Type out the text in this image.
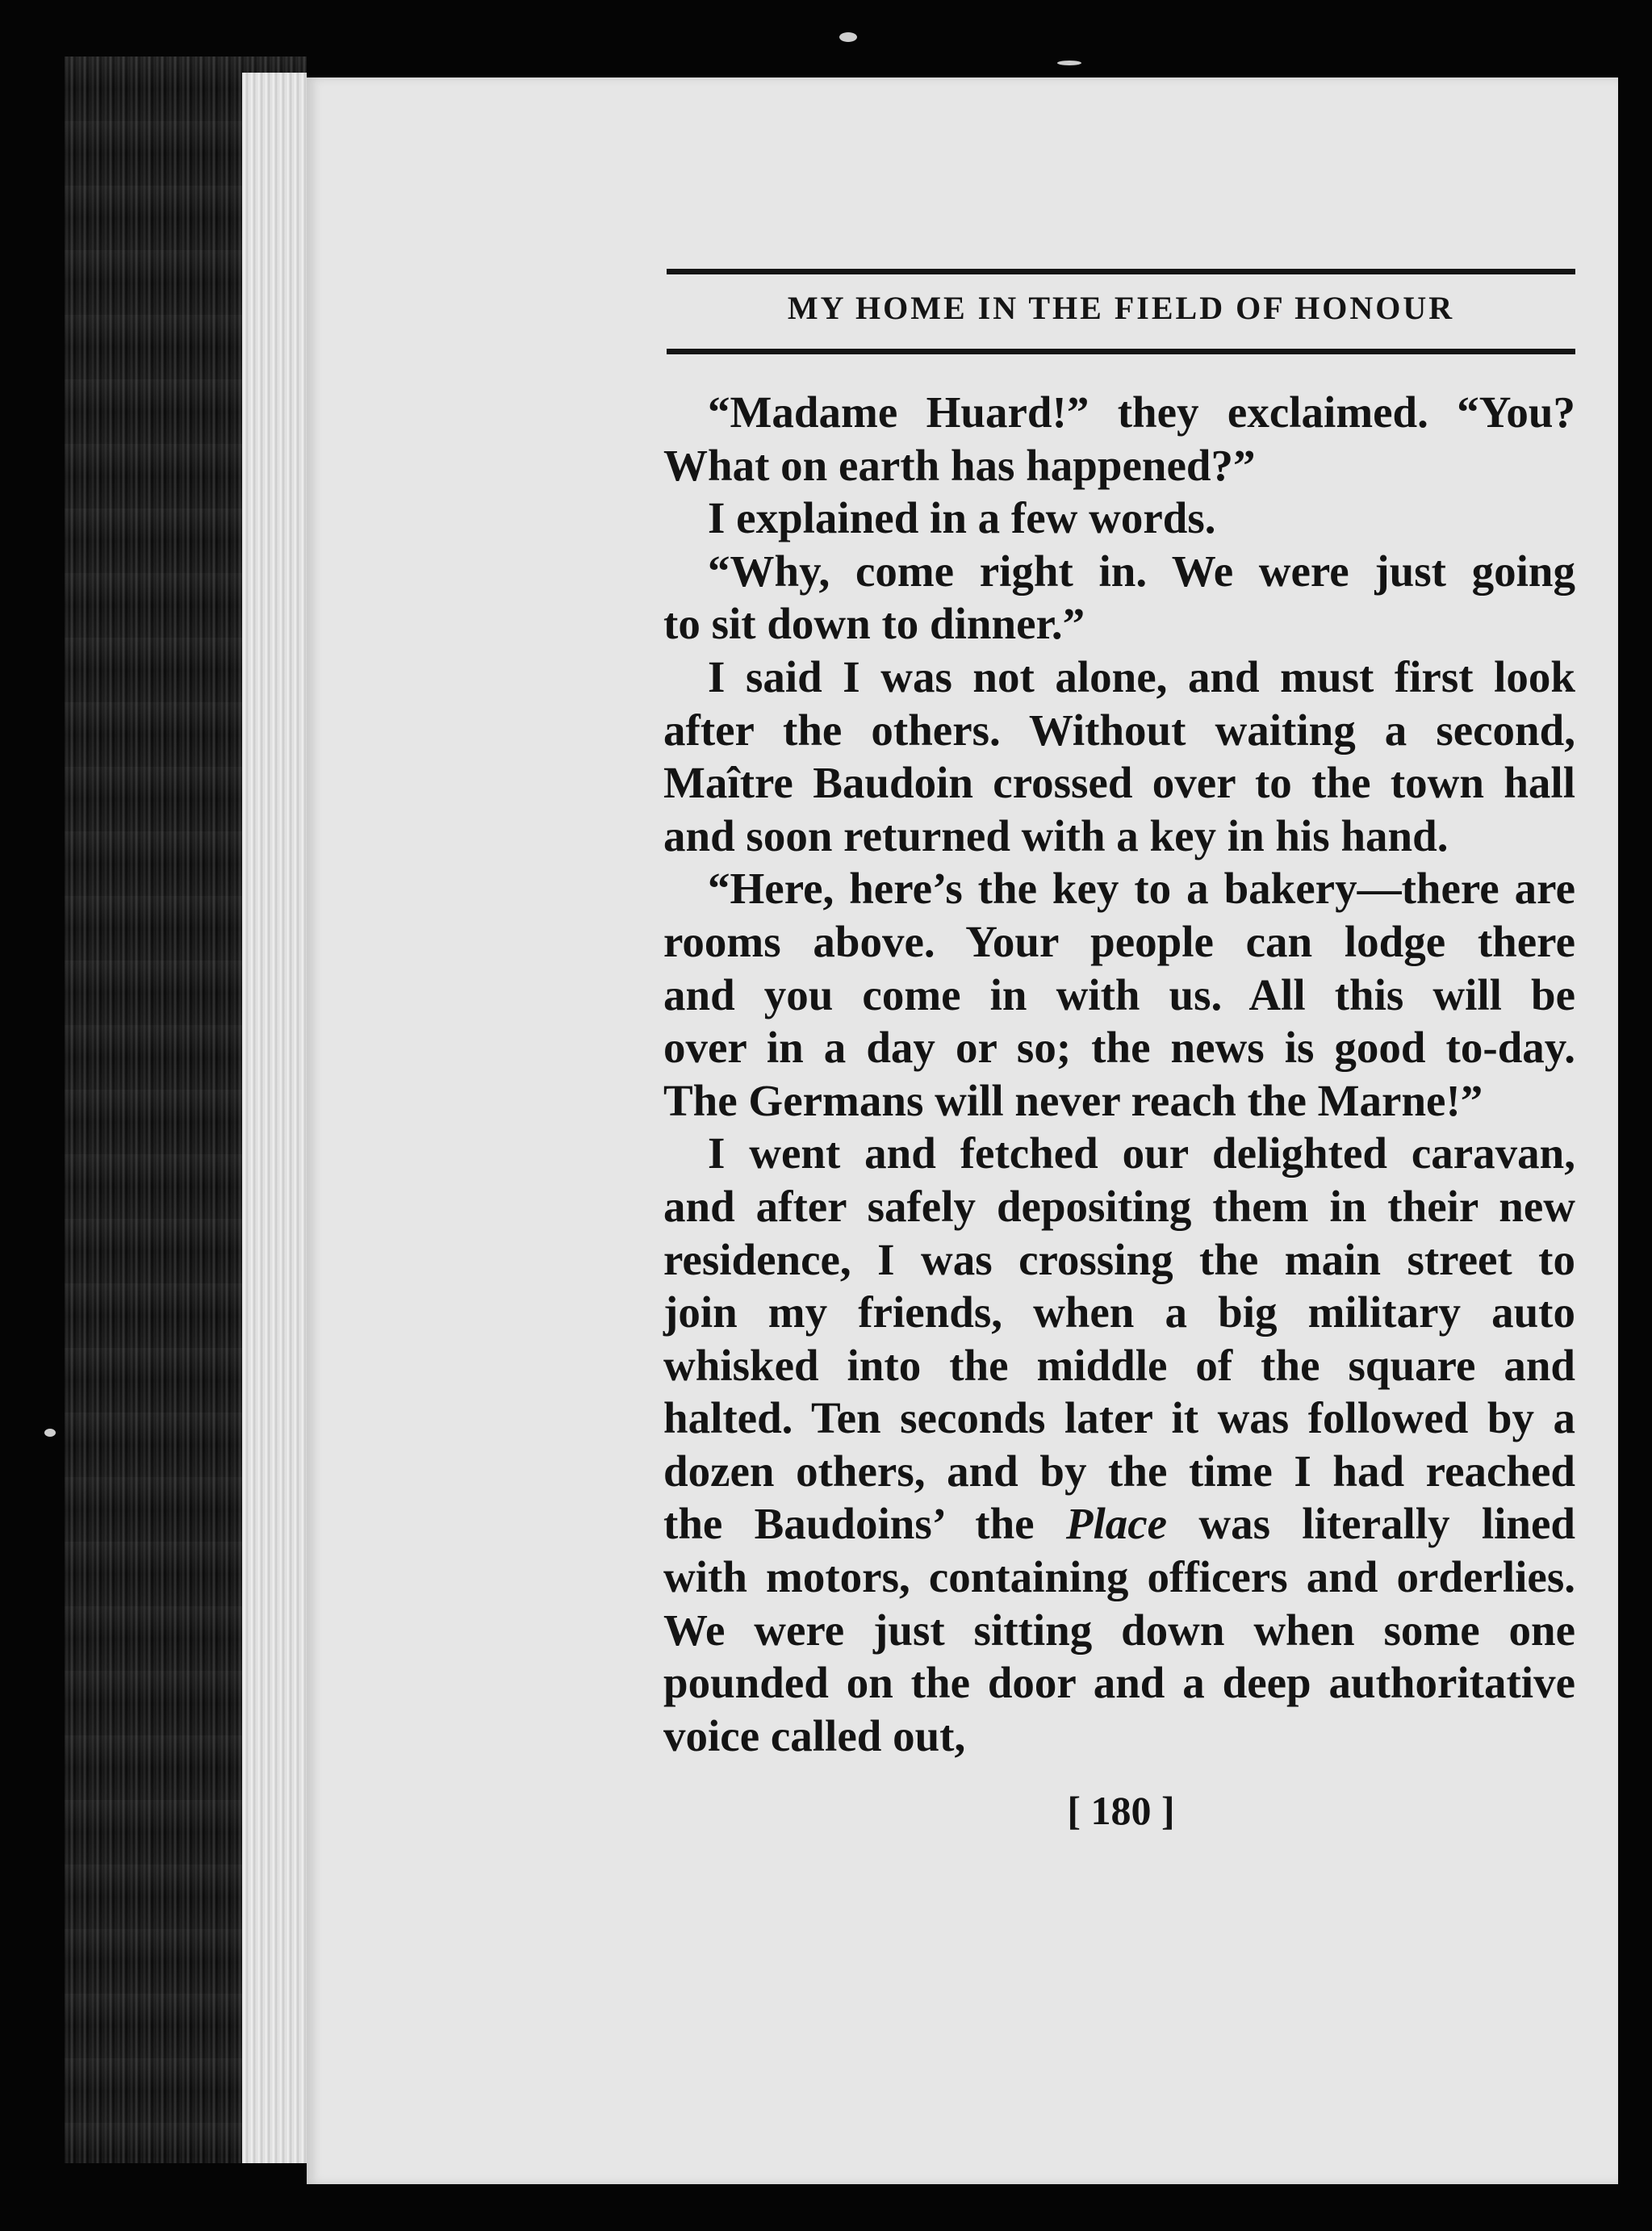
MY HOME IN THE FIELD OF HONOUR
“Madame Huard!” they exclaimed. “You?
What on earth has happened?”
I explained in a few words.
“Why, come right in. We were just going
to sit down to dinner.”
I said I was not alone, and must first look
after the others. Without waiting a second,
Maître Baudoin crossed over to the town hall
and soon returned with a key in his hand.
“Here, here’s the key to a bakery—there are
rooms above. Your people can lodge there
and you come in with us. All this will be
over in a day or so; the news is good to-day.
The Germans will never reach the Marne!”
I went and fetched our delighted caravan,
and after safely depositing them in their new
residence, I was crossing the main street to
join my friends, when a big military auto
whisked into the middle of the square and
halted. Ten seconds later it was followed by a
dozen others, and by the time I had reached
the Baudoins’ the Place was literally lined
with motors, containing officers and orderlies.
We were just sitting down when some one
pounded on the door and a deep authoritative
voice called out,
[ 180 ]
